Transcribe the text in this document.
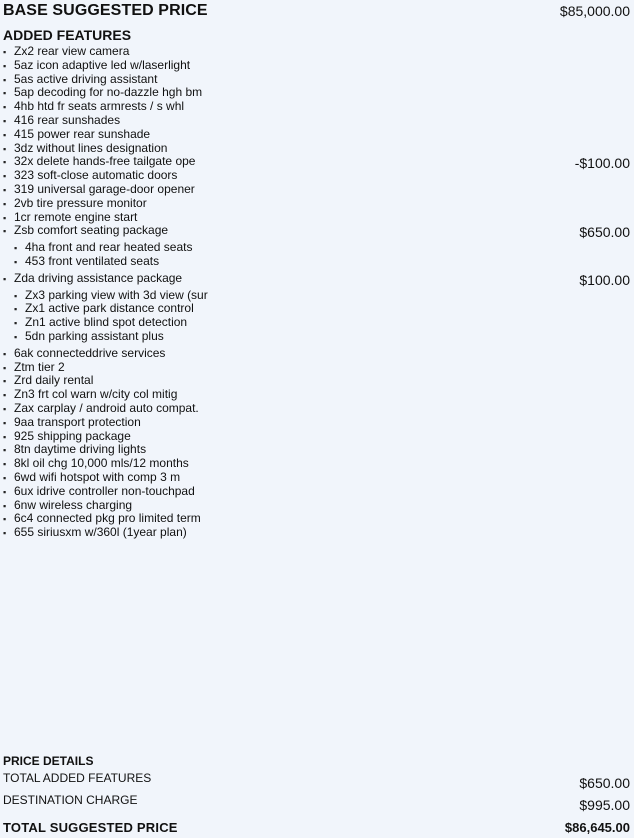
BASE SUGGESTED PRICE	$85,000.00
ADDED FEATURES
▪ Zx2 rear view camera
▪ 5az icon adaptive led w/laserlight
▪ 5as active driving assistant
▪ 5ap decoding for no-dazzle hgh bm
▪ 4hb htd fr seats armrests / s whl
▪ 416 rear sunshades
▪ 415 power rear sunshade
▪ 3dz without lines designation
▪ 32x delete hands-free tailgate ope	-$100.00
▪ 323 soft-close automatic doors
▪ 319 universal garage-door opener
▪ 2vb tire pressure monitor
▪ 1cr remote engine start
▪ Zsb comfort seating package	$650.00
▪ 4ha front and rear heated seats
▪ 453 front ventilated seats
▪ Zda driving assistance package	$100.00
▪ Zx3 parking view with 3d view (sur
▪ Zx1 active park distance control
▪ Zn1 active blind spot detection
▪ 5dn parking assistant plus
▪ 6ak connecteddrive services
▪ Ztm tier 2
▪ Zrd daily rental
▪ Zn3 frt col warn w/city col mitig
▪ Zax carplay / android auto compat.
▪ 9aa transport protection
▪ 925 shipping package
▪ 8tn daytime driving lights
▪ 8kl oil chg 10,000 mls/12 months
▪ 6wd wifi hotspot with comp 3 m
▪ 6ux idrive controller non-touchpad
▪ 6nw wireless charging
▪ 6c4 connected pkg pro limited term
▪ 655 siriusxm w/360l (1year plan)
PRICE DETAILS
TOTAL ADDED FEATURES	$650.00
DESTINATION CHARGE	$995.00
TOTAL SUGGESTED PRICE	$86,645.00
